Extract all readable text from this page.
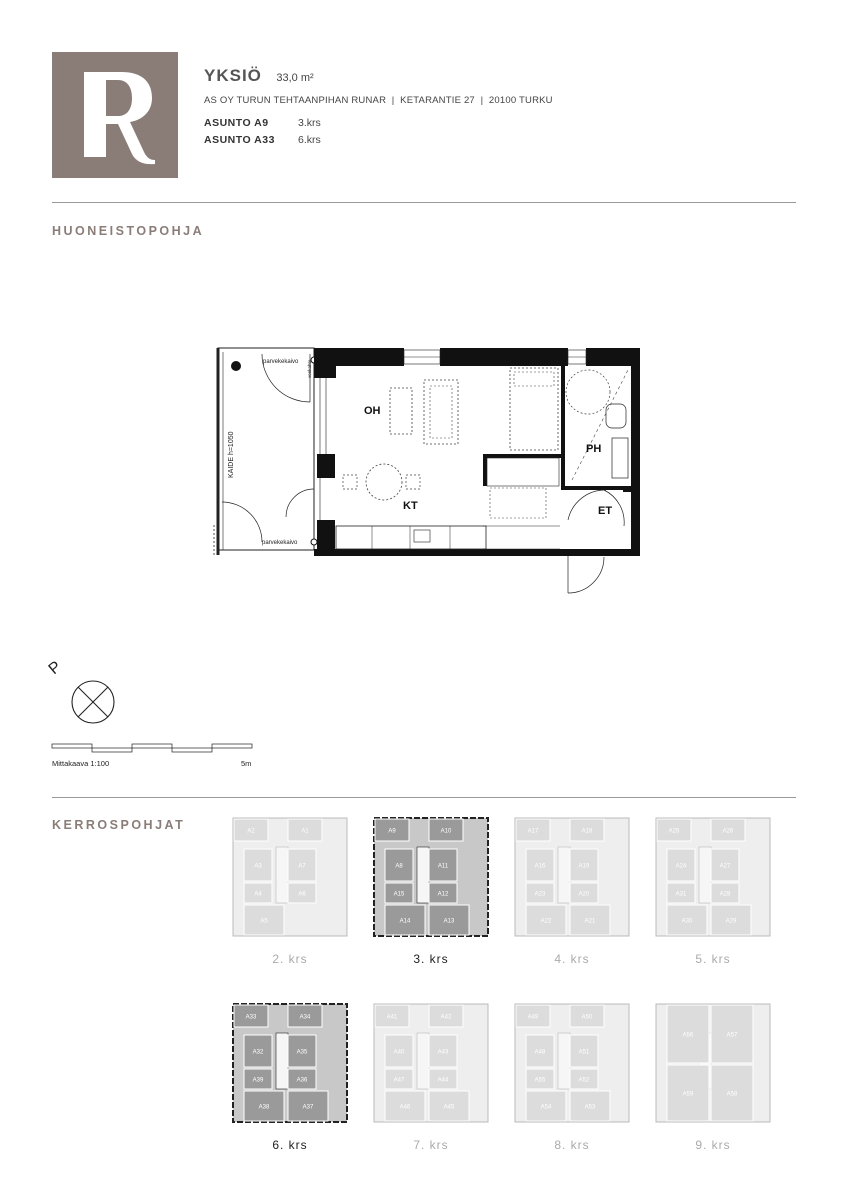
R
YKSIÖ 33,0 m²
AS OY TURUN TEHTAANPIHAN RUNAR  |  KETARANTIE 27  |  20100 TURKU
ASUNTO A9	3.krs
ASUNTO A33	6.krs
HUONEISTOPOHJA
parvekekaivo
parvekekaivo
KAIDE h=1050
venkahto
OH
KT
PH
ET
P
Mittakaava 1:100	5m
KERROSPOHJAT	A2	A1
A3	A7
A4	A6
A5
2. krs
A9	A10
A8	A11
A15	A12
A14	A13
3. krs
A17	A18
A16	A19
A23	A20
A22	A21
4. krs
A25	A26
A24	A27
A31	A28
A30	A29
5. krs
A33	A34
A32	A35
A39	A36
A38	A37
6. krs
A41	A42
A40	A43
A47	A44
A46	A45
7. krs
A49	A50
A48	A51
A55	A52
A54	A53
8. krs
A56	A57
A59	A58
9. krs
